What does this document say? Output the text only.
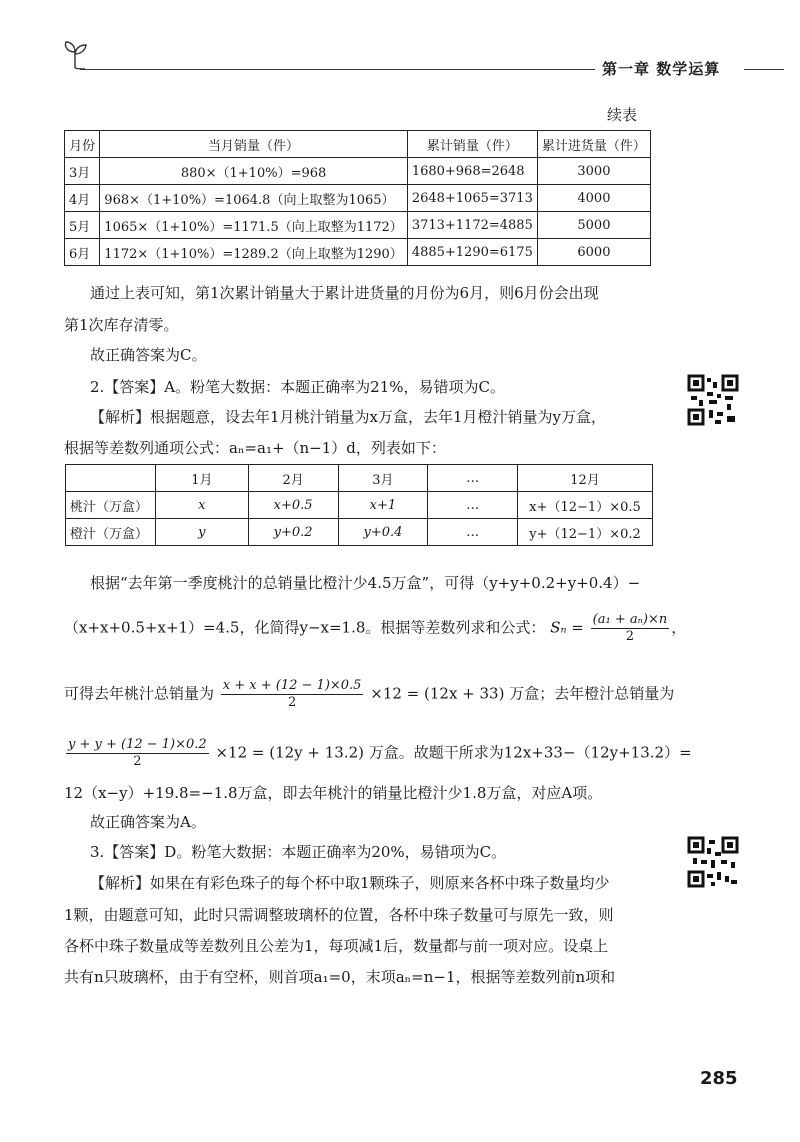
第一章 数学运算
续表
月份	当月销量（件）	累计销量（件）	累计进货量（件）
3月	880×（1+10%）=968	1680+968=2648	3000
4月	968×（1+10%）=1064.8（向上取整为1065）	2648+1065=3713	4000
5月	1065×（1+10%）=1171.5（向上取整为1172）	3713+1172=4885	5000
6月	1172×（1+10%）=1289.2（向上取整为1290）	4885+1290=6175	6000
通过上表可知，第1次累计销量大于累计进货量的月份为6月，则6月份会出现
第1次库存清零。
故正确答案为C。
2.【答案】A。粉笔大数据：本题正确率为21%，易错项为C。
【解析】根据题意，设去年1月桃汁销量为x万盒，去年1月橙汁销量为y万盒，
根据等差数列通项公式：aₙ=a₁+（n−1）d，列表如下：
	1月	2月	3月	…	12月
桃汁（万盒）	x	x+0.5	x+1	…	x+（12−1）×0.5
橙汁（万盒）	y	y+0.2	y+0.4	…	y+（12−1）×0.2
根据“去年第一季度桃汁的总销量比橙汁少4.5万盒”，可得（y+y+0.2+y+0.4）−
（x+x+0.5+x+1）=4.5，化简得y−x=1.8。根据等差数列求和公式： $S_n = \frac{\text{(a₁ + aₙ)×n}}{2}$ ，
可得去年桃汁总销量为 $\frac{x + x + (12 - 1)\times 0.5}{2} \times 12 = (12x + 33)$ 万盒；去年橙汁总销量为
$\frac{y + y + (12 - 1)\times 0.2}{2} \times 12 = (12y + 13.2)$ 万盒。故题干所求为12x+33−（12y+13.2）=
12（x−y）+19.8=−1.8万盒，即去年桃汁的销量比橙汁少1.8万盒，对应A项。
故正确答案为A。
3.【答案】D。粉笔大数据：本题正确率为20%，易错项为C。
【解析】如果在有彩色珠子的每个杯中取1颗珠子，则原来各杯中珠子数量均少
1颗，由题意可知，此时只需调整玻璃杯的位置，各杯中珠子数量可与原先一致，则
各杯中珠子数量成等差数列且公差为1，每项减1后，数量都与前一项对应。设桌上
共有n只玻璃杯，由于有空杯，则首项a₁=0，末项aₙ=n−1，根据等差数列前n项和
285
